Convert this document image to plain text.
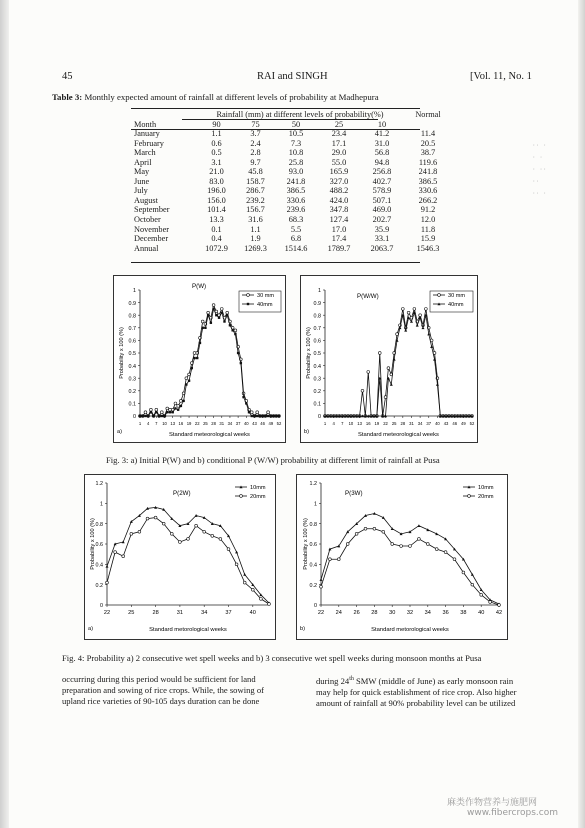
·· ·
· ·
· ··
··
·· ·
45	RAI and SINGH	[Vol. 11, No. 1
Table 3: Monthly expected amount of rainfall at different levels of probability at Madhepura
	Rainfall (mm) at different levels of probability(%)					Normal
Month	90	75	50	25	10	
January	1.1	3.7	10.5	23.4	41.2	11.4
February	0.6	2.4	7.3	17.1	31.0	20.5
March	0.5	2.8	10.8	29.0	56.8	38.7
April	3.1	9.7	25.8	55.0	94.8	119.6
May	21.0	45.8	93.0	165.9	256.8	241.8
June	83.0	158.7	241.8	327.0	402.7	386.5
July	196.0	286.7	386.5	488.2	578.9	330.6
August	156.0	239.2	330.6	424.0	507.1	266.2
September	101.4	156.7	239.6	347.8	469.0	91.2
October	13.3	31.6	68.3	127.4	202.7	12.0
November	0.1	1.1	5.5	17.0	35.9	11.8
December	0.4	1.9	6.8	17.4	33.1	15.9
Annual	1072.9	1269.3	1514.6	1789.7	2063.7	1546.3
0
0.1
0.2
0.3
0.4
0.5
0.6
0.7
0.8
0.9
1
1 4 7 10 13 16 19 22 25 28 31 34 37 40 43 46 49 52
Standard meteorological weeks
Probability x 100 (%)
P(W)
a)
30 mm
40mm
0
0.1
0.2
0.3
0.4
0.5
0.6
0.7
0.8
0.9
1
1 4 7 10 13 16 19 22 25 28 31 34 37 40 43 46 49 52
Standard meteorological weeks
Probability x 100 (%)
P(W/W)
b)
30 mm
40mm
Fig. 3: a) Initial P(W) and b) conditional P (W/W) probability at different limit of rainfall at Pusa
0
0.2
0.4
0.6
0.8
1
1.2
22	25	28	31	34	37	40
Standard metorological weeks
Probability x 100 (%)
P(2W)
a)
10mm
20mm
0
0.2
0.4
0.6
0.8
1
1.2
22 24 26 28 30 32 34 36 38 40 42
Standard metorological weeks
Probability x 100 (%)
P(3W)
b)
10mm
20mm
Fig. 4: Probability a) 2 consecutive wet spell weeks and b) 3 consecutive wet spell weeks during monsoon months at Pusa
occurring during this period would be sufficient for land
preparation and sowing of rice crops. While, the sowing of
upland rice varieties of 90-105 days duration can be done
during 24th SMW (middle of June) as early monsoon rain
may help for quick establishment of rice crop. Also higher
amount of rainfall at 90% probability level can be utilized
麻类作物营养与施肥网
www.fibercrops.com
